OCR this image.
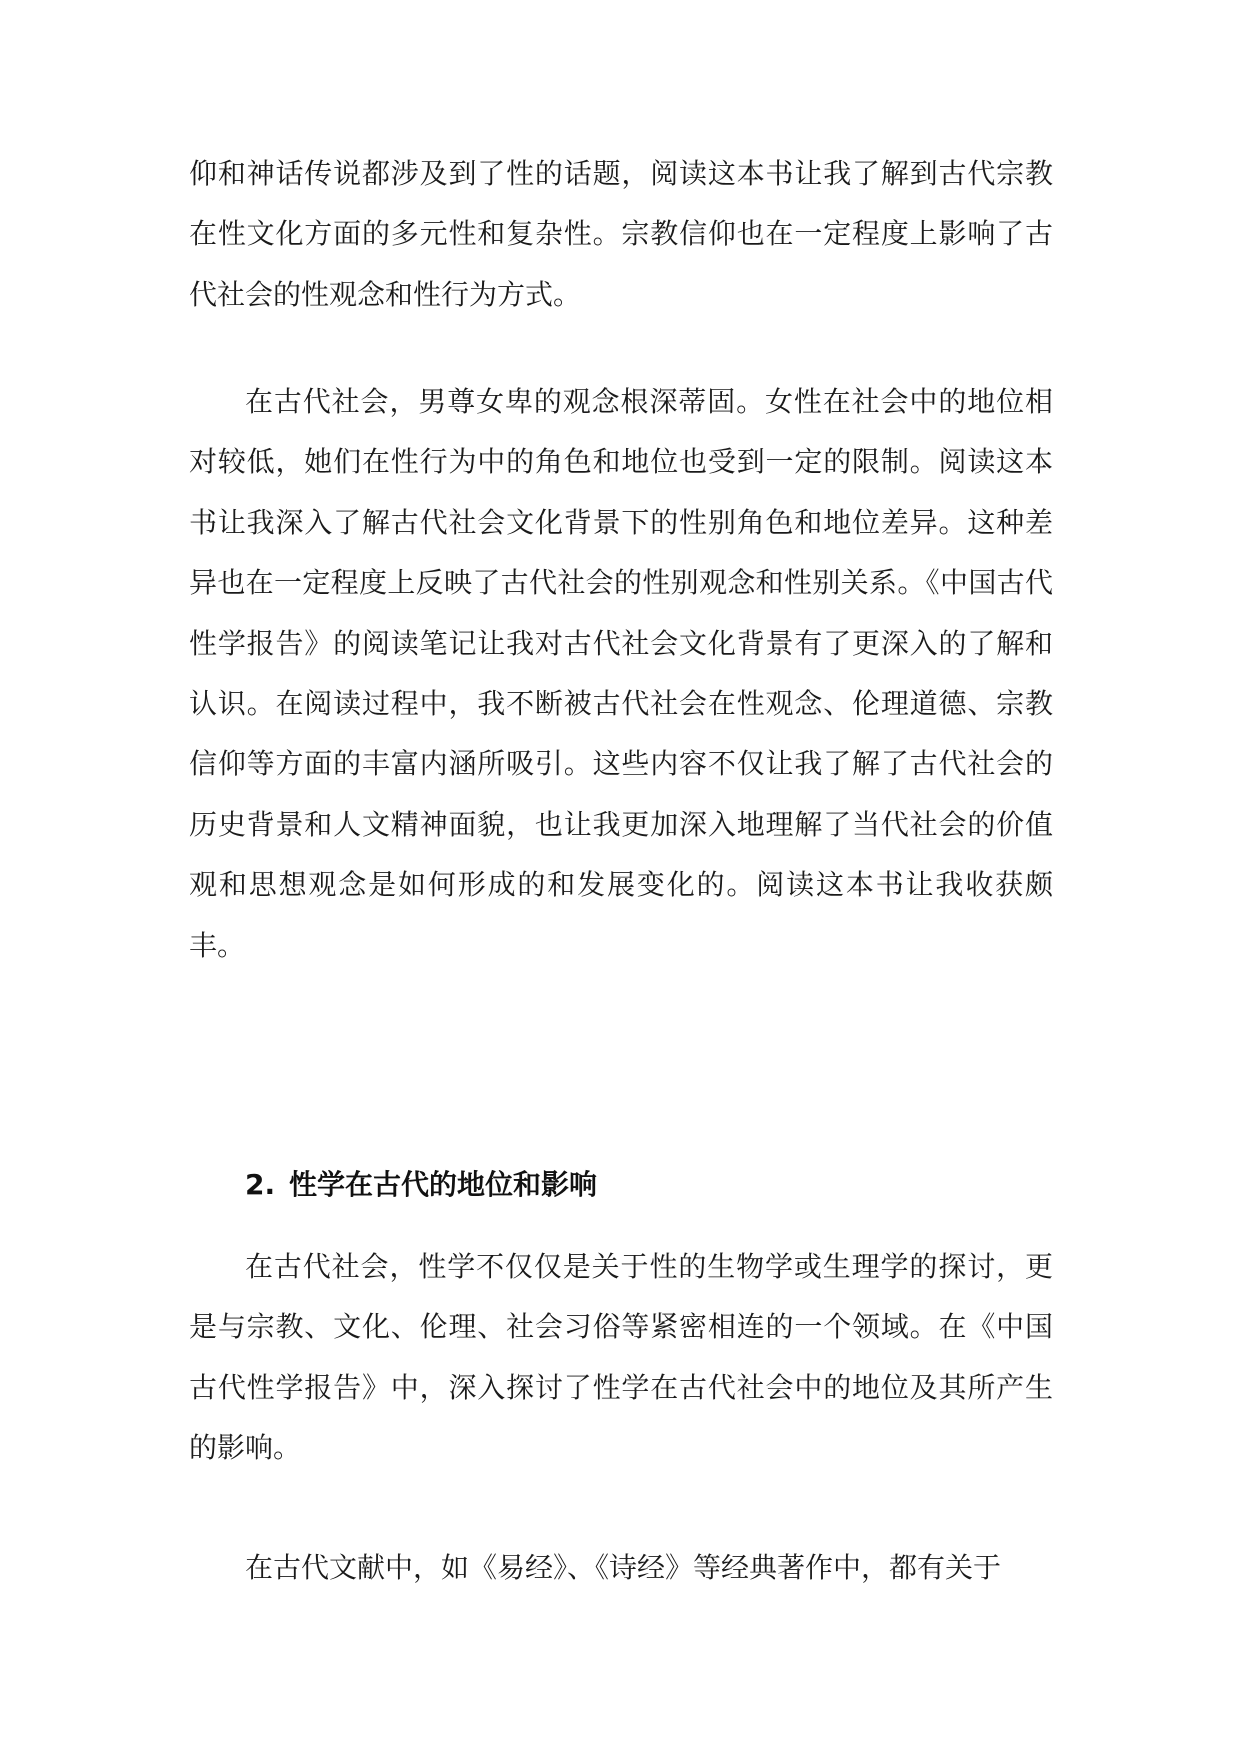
仰和神话传说都涉及到了性的话题，阅读这本书让我了解到古代宗教在性文化方面的多元性和复杂性。宗教信仰也在一定程度上影响了古代社会的性观念和性行为方式。

在古代社会，男尊女卑的观念根深蒂固。女性在社会中的地位相对较低，她们在性行为中的角色和地位也受到一定的限制。阅读这本书让我深入了解古代社会文化背景下的性别角色和地位差异。这种差异也在一定程度上反映了古代社会的性别观念和性别关系。《中国古代性学报告》的阅读笔记让我对古代社会文化背景有了更深入的了解和认识。在阅读过程中，我不断被古代社会在性观念、伦理道德、宗教信仰等方面的丰富内涵所吸引。这些内容不仅让我了解了古代社会的历史背景和人文精神面貌，也让我更加深入地理解了当代社会的价值观和思想观念是如何形成的和发展变化的。阅读这本书让我收获颇丰。

2. 性学在古代的地位和影响

在古代社会，性学不仅仅是关于性的生物学或生理学的探讨，更是与宗教、文化、伦理、社会习俗等紧密相连的一个领域。在《中国古代性学报告》中，深入探讨了性学在古代社会中的地位及其所产生的影响。

在古代文献中，如《易经》、《诗经》等经典著作中，都有关于
